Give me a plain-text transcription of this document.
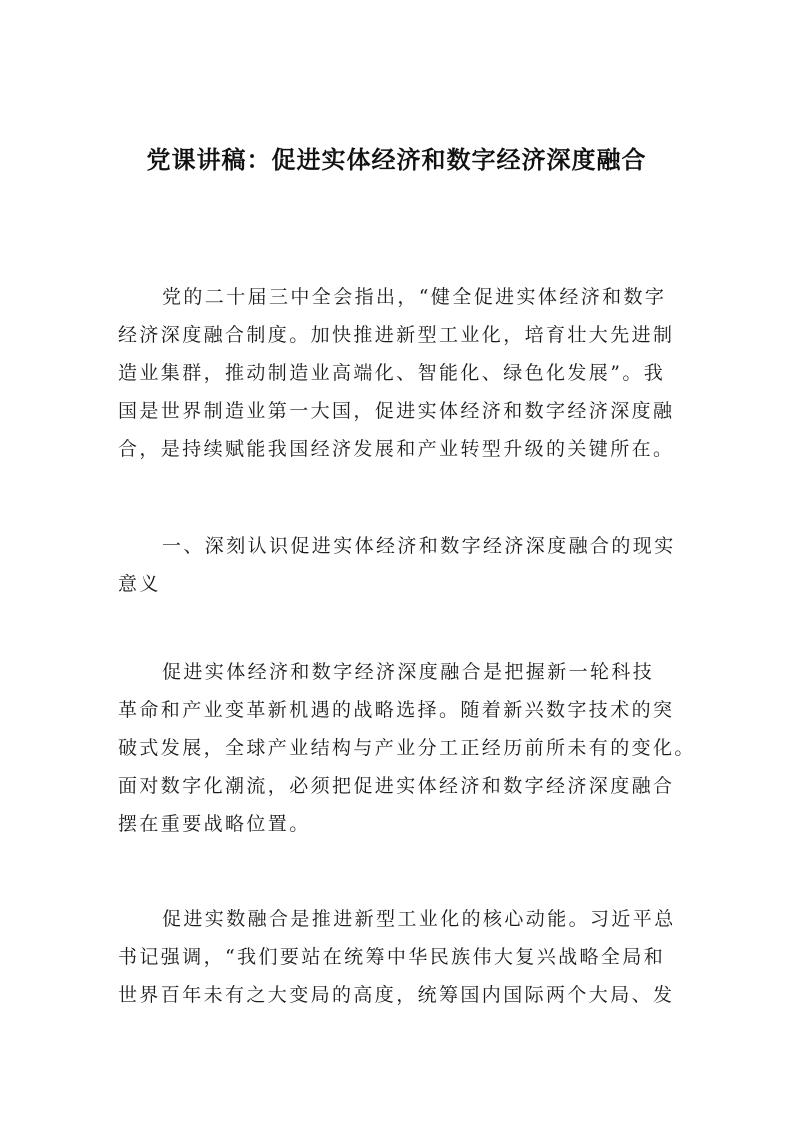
党课讲稿：促进实体经济和数字经济深度融合
党的二十届三中全会指出，“健全促进实体经济和数字
经济深度融合制度。加快推进新型工业化，培育壮大先进制
造业集群，推动制造业高端化、智能化、绿色化发展”。我
国是世界制造业第一大国，促进实体经济和数字经济深度融
合，是持续赋能我国经济发展和产业转型升级的关键所在。
一、深刻认识促进实体经济和数字经济深度融合的现实
意义
促进实体经济和数字经济深度融合是把握新一轮科技
革命和产业变革新机遇的战略选择。随着新兴数字技术的突
破式发展，全球产业结构与产业分工正经历前所未有的变化。
面对数字化潮流，必须把促进实体经济和数字经济深度融合
摆在重要战略位置。
促进实数融合是推进新型工业化的核心动能。习近平总
书记强调，“我们要站在统筹中华民族伟大复兴战略全局和
世界百年未有之大变局的高度，统筹国内国际两个大局、发
